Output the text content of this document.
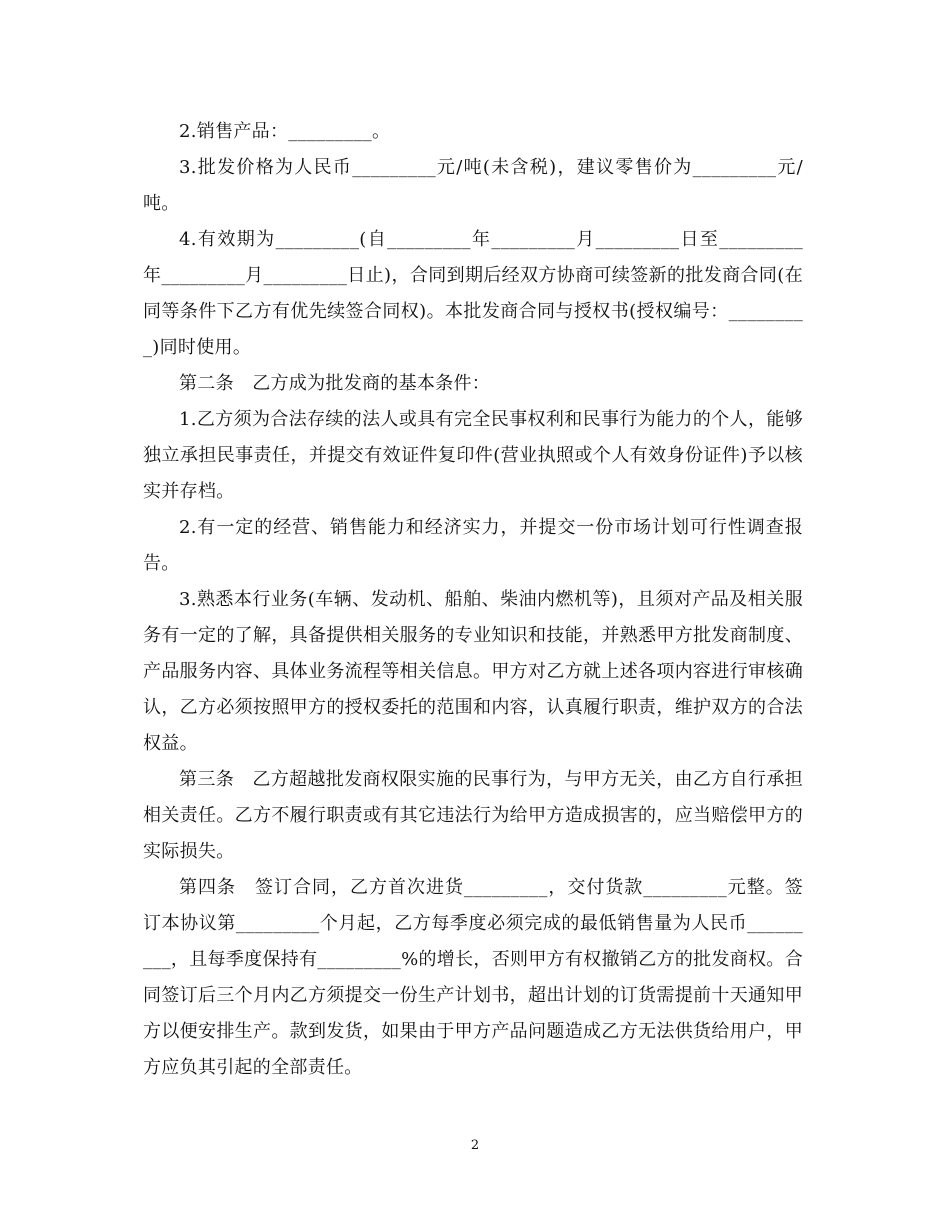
2.销售产品：_________。

3.批发价格为人民币_________元/吨(未含税)，建议零售价为_________元/吨。

4.有效期为_________(自_________年_________月_________日至_________年_________月_________日止)，合同到期后经双方协商可续签新的批发商合同(在同等条件下乙方有优先续签合同权)。本批发商合同与授权书(授权编号：_________)同时使用。

第二条　乙方成为批发商的基本条件：

1.乙方须为合法存续的法人或具有完全民事权利和民事行为能力的个人，能够独立承担民事责任，并提交有效证件复印件(营业执照或个人有效身份证件)予以核实并存档。

2.有一定的经营、销售能力和经济实力，并提交一份市场计划可行性调查报告。

3.熟悉本行业务(车辆、发动机、船舶、柴油内燃机等)，且须对产品及相关服务有一定的了解，具备提供相关服务的专业知识和技能，并熟悉甲方批发商制度、产品服务内容、具体业务流程等相关信息。甲方对乙方就上述各项内容进行审核确认，乙方必须按照甲方的授权委托的范围和内容，认真履行职责，维护双方的合法权益。

第三条　乙方超越批发商权限实施的民事行为，与甲方无关，由乙方自行承担相关责任。乙方不履行职责或有其它违法行为给甲方造成损害的，应当赔偿甲方的实际损失。

第四条　签订合同，乙方首次进货_________，交付货款_________元整。签订本协议第_________个月起，乙方每季度必须完成的最低销售量为人民币_________，且每季度保持有_________%的增长，否则甲方有权撤销乙方的批发商权。合同签订后三个月内乙方须提交一份生产计划书，超出计划的订货需提前十天通知甲方以便安排生产。款到发货，如果由于甲方产品问题造成乙方无法供货给用户，甲方应负其引起的全部责任。

2
